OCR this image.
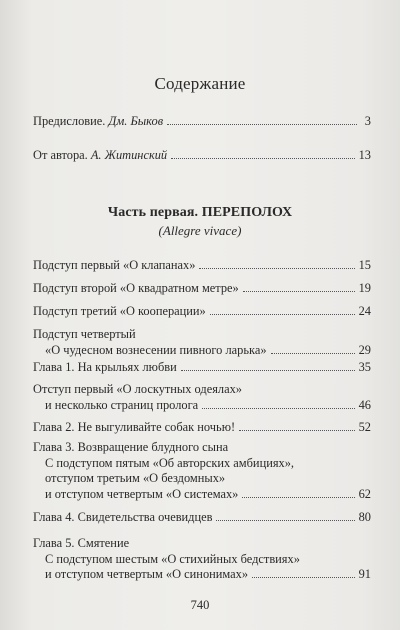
Содержание
Предисловие. Дм. Быков	3
От автора. А. Житинский	13
Часть первая. ПЕРЕПОЛОХ
(Allegre vivace)
Подступ первый «О клапанах»	15
Подступ второй «О квадратном метре»	19
Подступ третий «О кооперации»	24
Подступ четвертый
«О чудесном вознесении пивного ларька»	29
Глава 1. На крыльях любви	35
Отступ первый «О лоскутных одеялах»
и несколько страниц пролога	46
Глава 2. Не выгуливайте собак ночью!	52
Глава 3. Возвращение блудного сына
С подступом пятым «Об авторских амбициях»,
отступом третьим «О бездомных»
и отступом четвертым «О системах»	62
Глава 4. Свидетельства очевидцев	80
Глава 5. Смятение
С подступом шестым «О стихийных бедствиях»
и отступом четвертым «О синонимах»	91
740
